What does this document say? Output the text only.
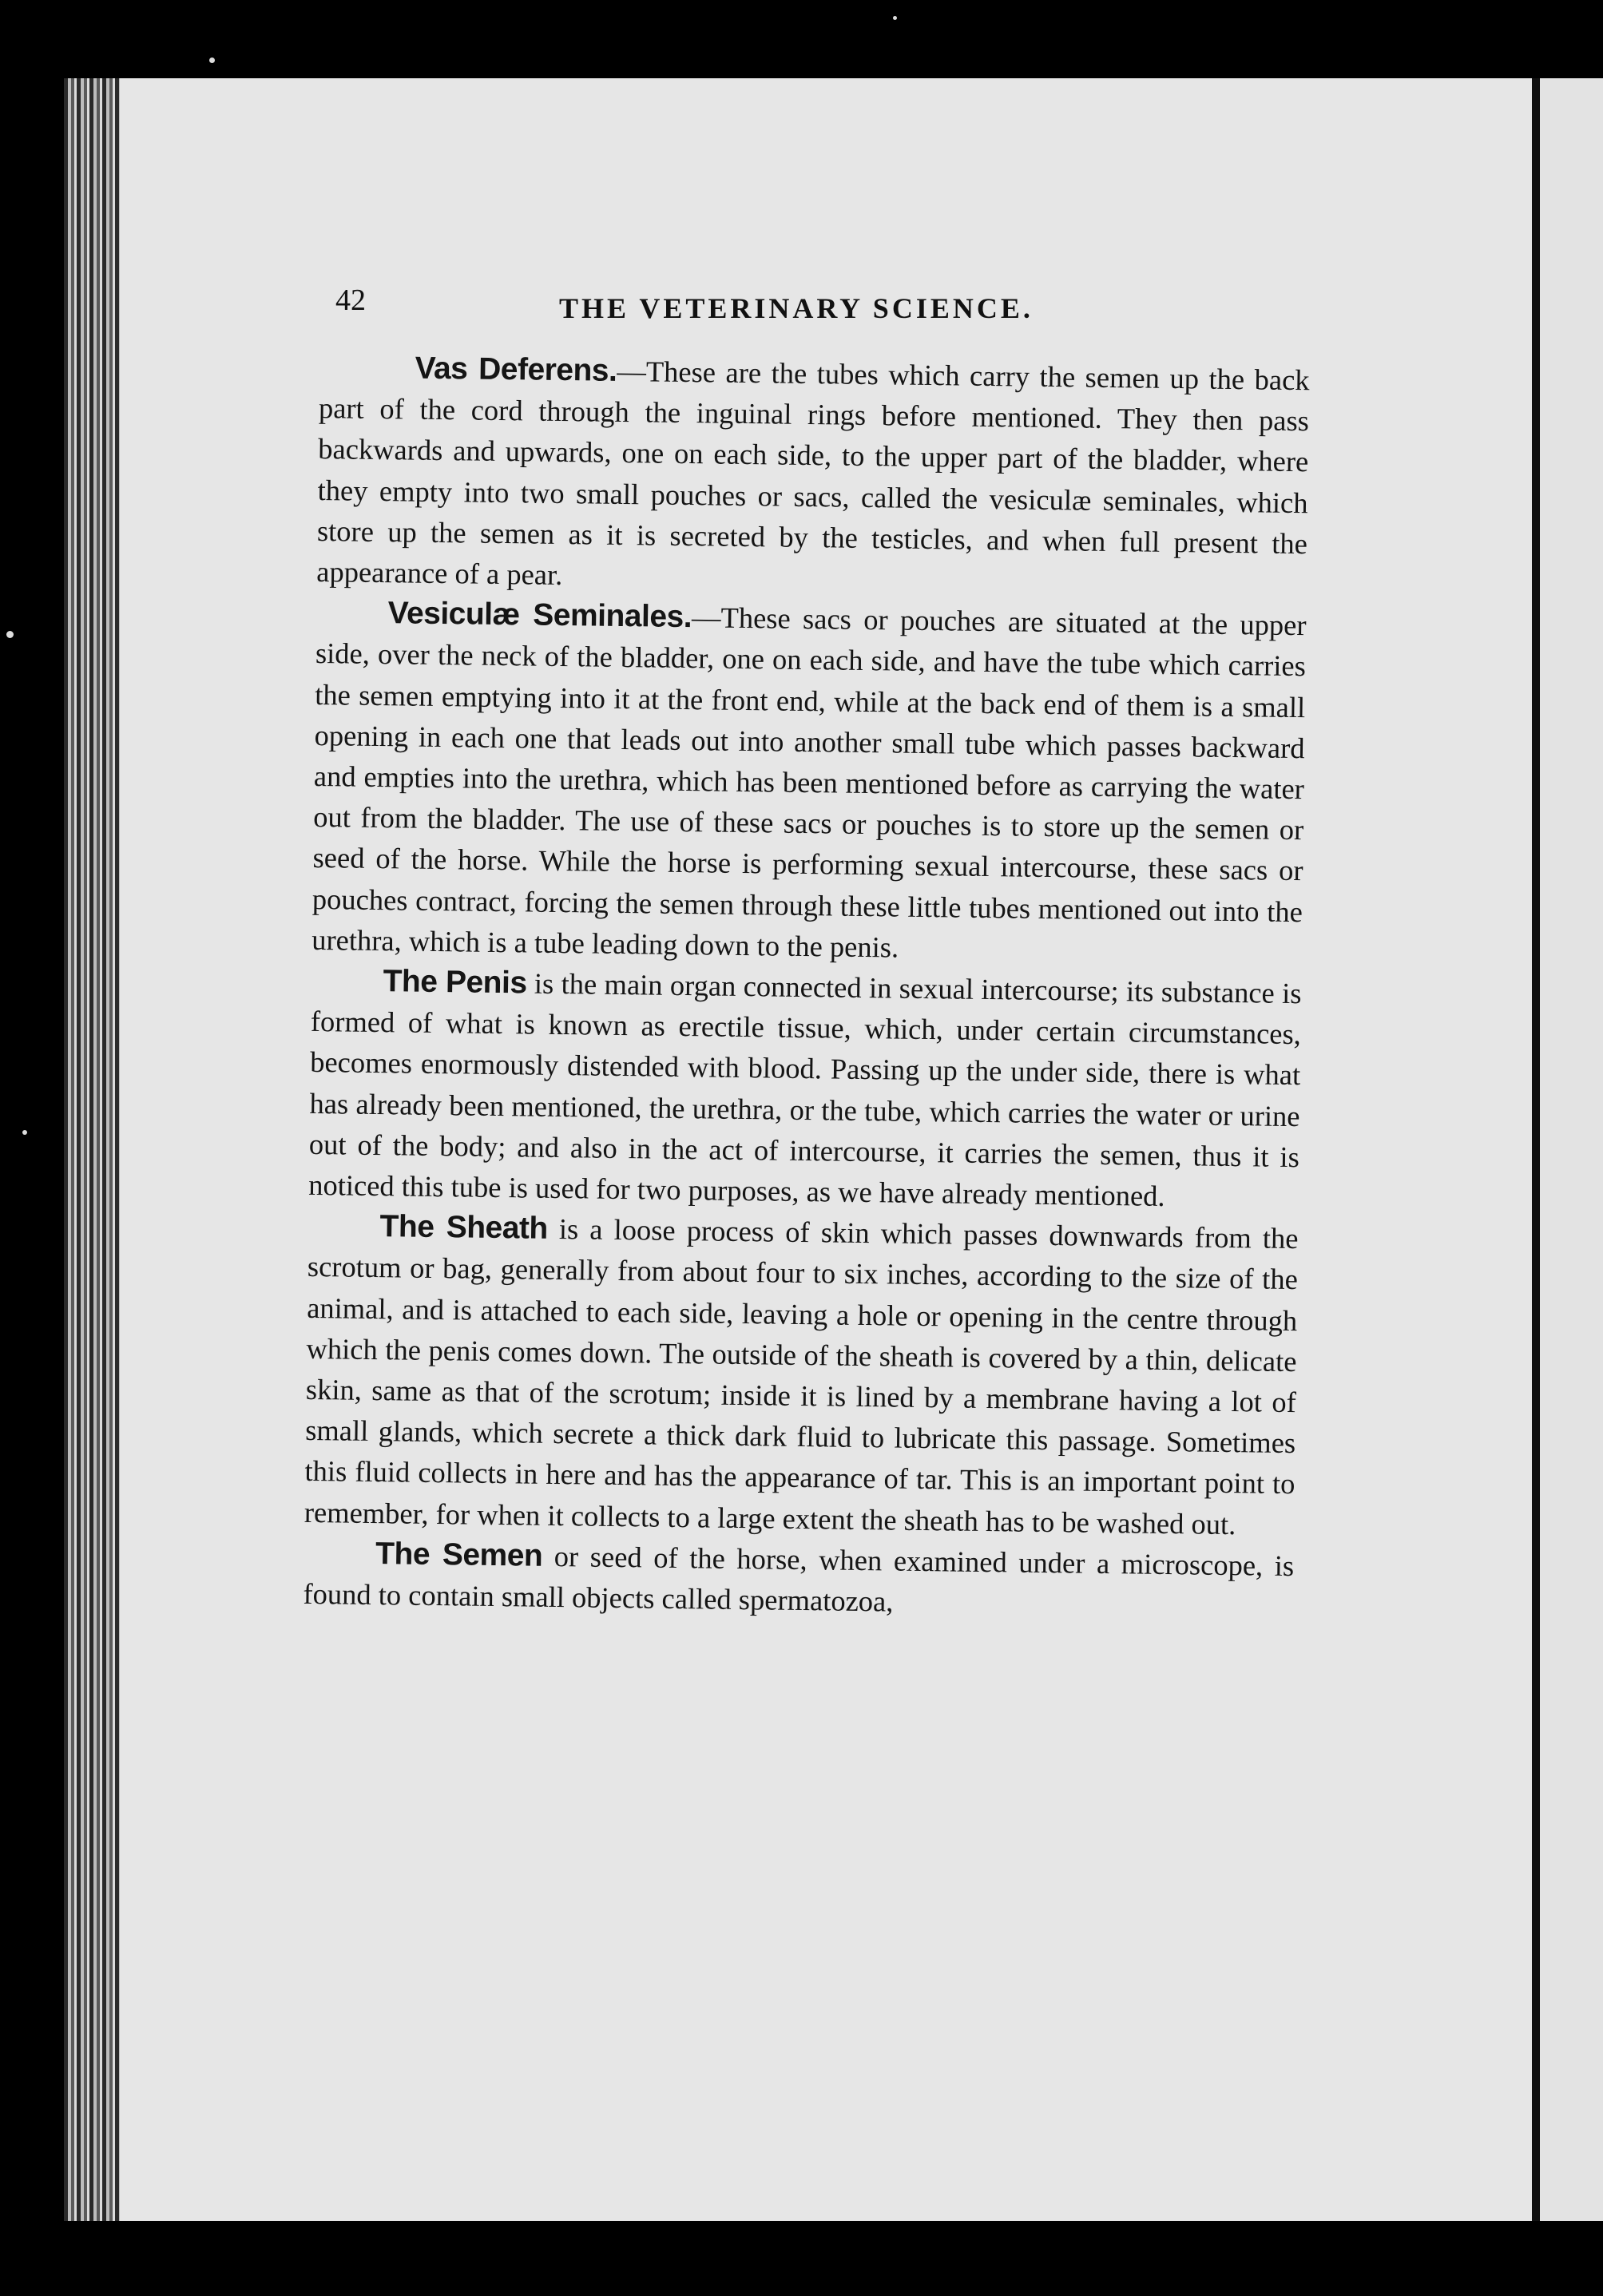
42	THE VETERINARY SCIENCE.

Vas Deferens.—These are the tubes which carry the semen up the back part of the cord through the inguinal rings before mentioned. They then pass backwards and upwards, one on each side, to the upper part of the bladder, where they empty into two small pouches or sacs, called the vesiculæ seminales, which store up the semen as it is secreted by the testicles, and when full present the appearance of a pear.

Vesiculæ Seminales.—These sacs or pouches are situated at the upper side, over the neck of the bladder, one on each side, and have the tube which carries the semen emptying into it at the front end, while at the back end of them is a small opening in each one that leads out into another small tube which passes backward and empties into the urethra, which has been mentioned before as carrying the water out from the bladder. The use of these sacs or pouches is to store up the semen or seed of the horse. While the horse is performing sexual intercourse, these sacs or pouches contract, forcing the semen through these little tubes mentioned out into the urethra, which is a tube leading down to the penis.

The Penis is the main organ connected in sexual intercourse; its substance is formed of what is known as erectile tissue, which, under certain circumstances, becomes enormously distended with blood. Passing up the under side, there is what has already been mentioned, the urethra, or the tube, which carries the water or urine out of the body; and also in the act of intercourse, it carries the semen, thus it is noticed this tube is used for two purposes, as we have already mentioned.

The Sheath is a loose process of skin which passes downwards from the scrotum or bag, generally from about four to six inches, according to the size of the animal, and is attached to each side, leaving a hole or opening in the centre through which the penis comes down. The outside of the sheath is covered by a thin, delicate skin, same as that of the scrotum; inside it is lined by a membrane having a lot of small glands, which secrete a thick dark fluid to lubricate this passage. Sometimes this fluid collects in here and has the appearance of tar. This is an important point to remember, for when it collects to a large extent the sheath has to be washed out.

The Semen or seed of the horse, when examined under a microscope, is found to contain small objects called spermatozoa,
